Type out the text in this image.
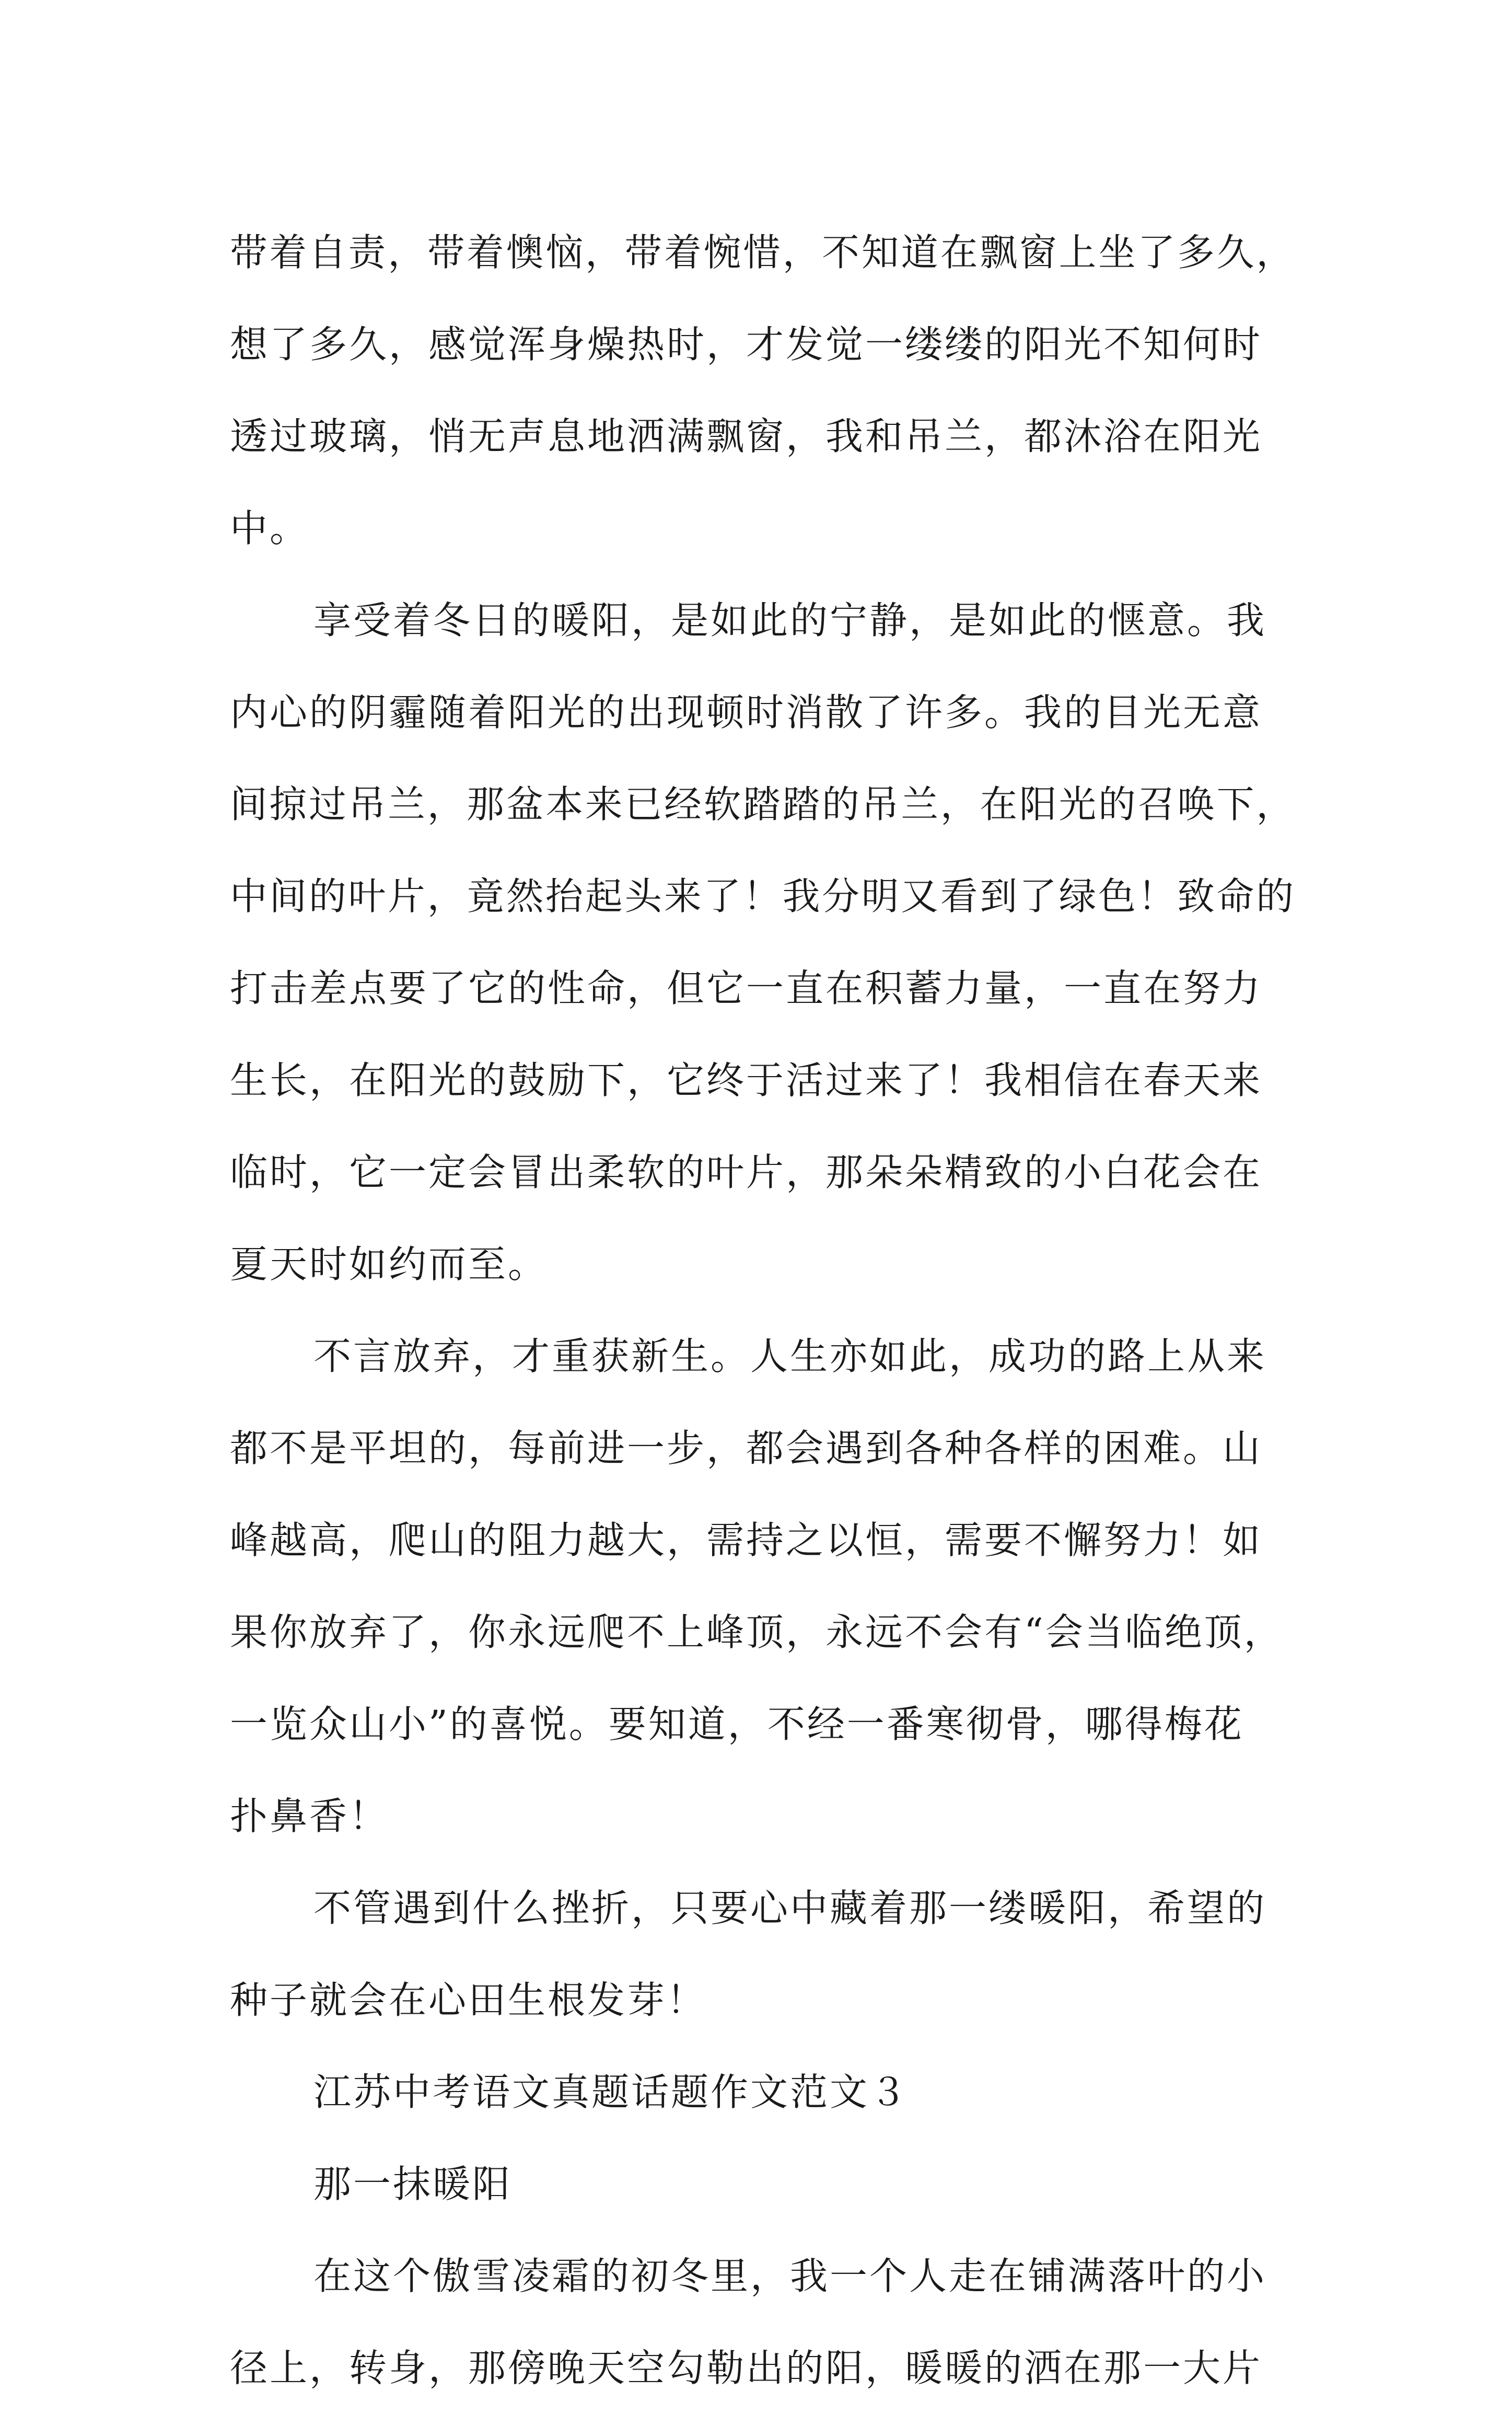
带着自责，带着懊恼，带着惋惜，不知道在飘窗上坐了多久，
想了多久，感觉浑身燥热时，才发觉一缕缕的阳光不知何时
透过玻璃，悄无声息地洒满飘窗，我和吊兰，都沐浴在阳光
中。
享受着冬日的暖阳，是如此的宁静，是如此的惬意。我
内心的阴霾随着阳光的出现顿时消散了许多。我的目光无意
间掠过吊兰，那盆本来已经软踏踏的吊兰，在阳光的召唤下，
中间的叶片，竟然抬起头来了！我分明又看到了绿色！致命的
打击差点要了它的性命，但它一直在积蓄力量，一直在努力
生长，在阳光的鼓励下，它终于活过来了！我相信在春天来
临时，它一定会冒出柔软的叶片，那朵朵精致的小白花会在
夏天时如约而至。
不言放弃，才重获新生。人生亦如此，成功的路上从来
都不是平坦的，每前进一步，都会遇到各种各样的困难。山
峰越高，爬山的阻力越大，需持之以恒，需要不懈努力！如
果你放弃了，你永远爬不上峰顶，永远不会有“会当临绝顶，
一览众山小”的喜悦。要知道，不经一番寒彻骨，哪得梅花
扑鼻香！
不管遇到什么挫折，只要心中藏着那一缕暖阳，希望的
种子就会在心田生根发芽！
江苏中考语文真题话题作文范文３
那一抹暖阳
在这个傲雪凌霜的初冬里，我一个人走在铺满落叶的小
径上，转身，那傍晚天空勾勒出的阳，暖暖的洒在那一大片
